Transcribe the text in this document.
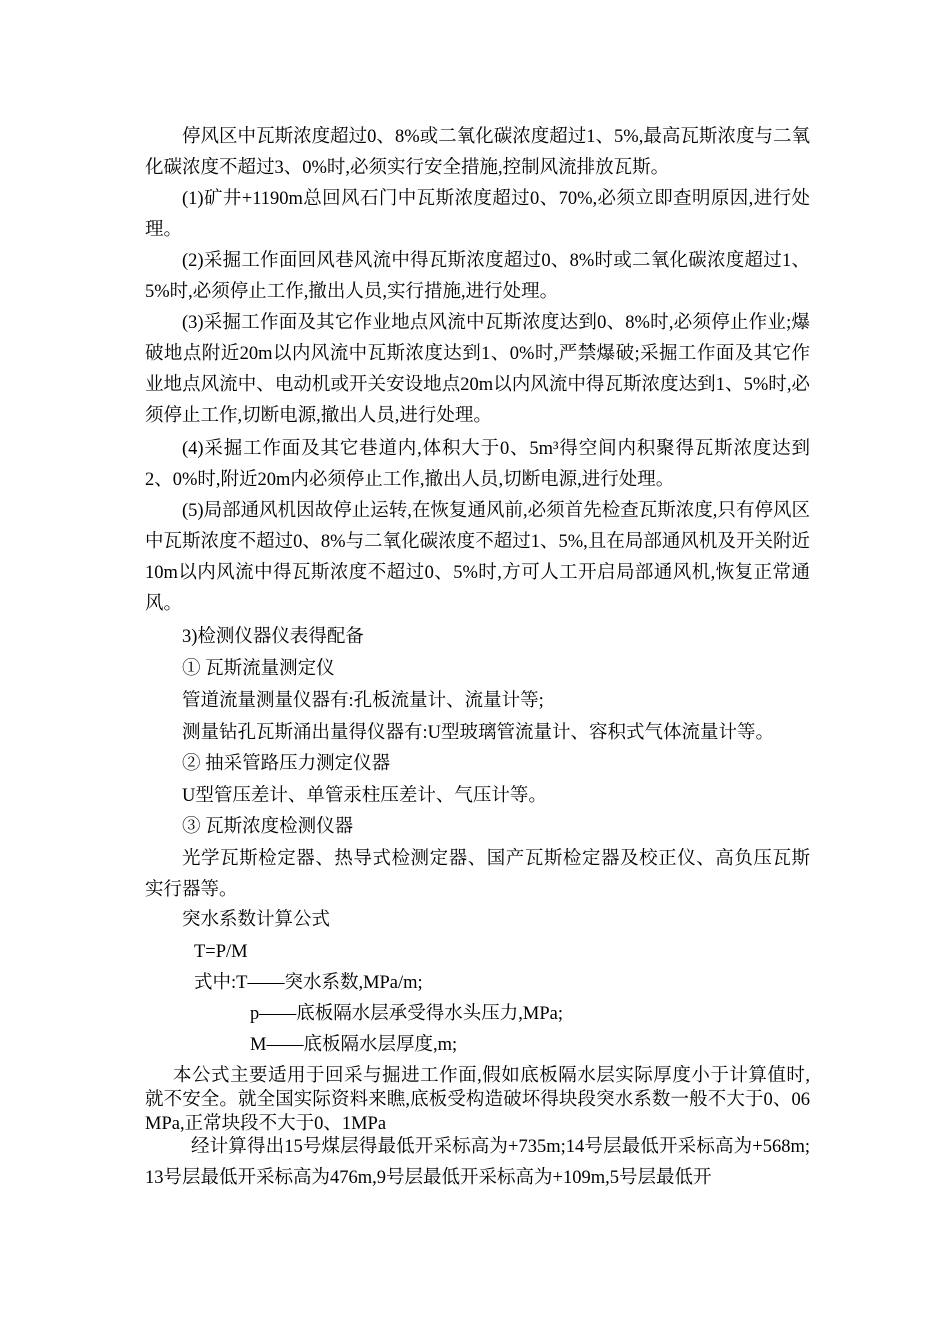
停风区中瓦斯浓度超过0、8%或二氧化碳浓度超过1、5%,最高瓦斯浓度与二氧化碳浓度不超过3、0%时,必须实行安全措施,控制风流排放瓦斯。

(1)矿井+1190m总回风石门中瓦斯浓度超过0、70%,必须立即查明原因,进行处理。

(2)采掘工作面回风巷风流中得瓦斯浓度超过0、8%时或二氧化碳浓度超过1、5%时,必须停止工作,撤出人员,实行措施,进行处理。

(3)采掘工作面及其它作业地点风流中瓦斯浓度达到0、8%时,必须停止作业;爆破地点附近20m以内风流中瓦斯浓度达到1、0%时,严禁爆破;采掘工作面及其它作业地点风流中、电动机或开关安设地点20m以内风流中得瓦斯浓度达到1、5%时,必须停止工作,切断电源,撤出人员,进行处理。

(4)采掘工作面及其它巷道内,体积大于0、5m³得空间内积聚得瓦斯浓度达到2、0%时,附近20m内必须停止工作,撤出人员,切断电源,进行处理。

(5)局部通风机因故停止运转,在恢复通风前,必须首先检查瓦斯浓度,只有停风区中瓦斯浓度不超过0、8%与二氧化碳浓度不超过1、5%,且在局部通风机及开关附近10m以内风流中得瓦斯浓度不超过0、5%时,方可人工开启局部通风机,恢复正常通风。

3)检测仪器仪表得配备

① 瓦斯流量测定仪

管道流量测量仪器有:孔板流量计、流量计等;

测量钻孔瓦斯涌出量得仪器有:U型玻璃管流量计、容积式气体流量计等。

② 抽采管路压力测定仪器

U型管压差计、单管汞柱压差计、气压计等。

③ 瓦斯浓度检测仪器

光学瓦斯检定器、热导式检测定器、国产瓦斯检定器及校正仪、高负压瓦斯实行器等。

突水系数计算公式

T=P/M

式中:T——突水系数,MPa/m;

p——底板隔水层承受得水头压力,MPa;

M——底板隔水层厚度,m;

本公式主要适用于回采与掘进工作面,假如底板隔水层实际厚度小于计算值时,就不安全。就全国实际资料来瞧,底板受构造破坏得块段突水系数一般不大于0、06MPa,正常块段不大于0、1MPa

经计算得出15号煤层得最低开采标高为+735m;14号层最低开采标高为+568m;13号层最低开采标高为476m,9号层最低开采标高为+109m,5号层最低开
